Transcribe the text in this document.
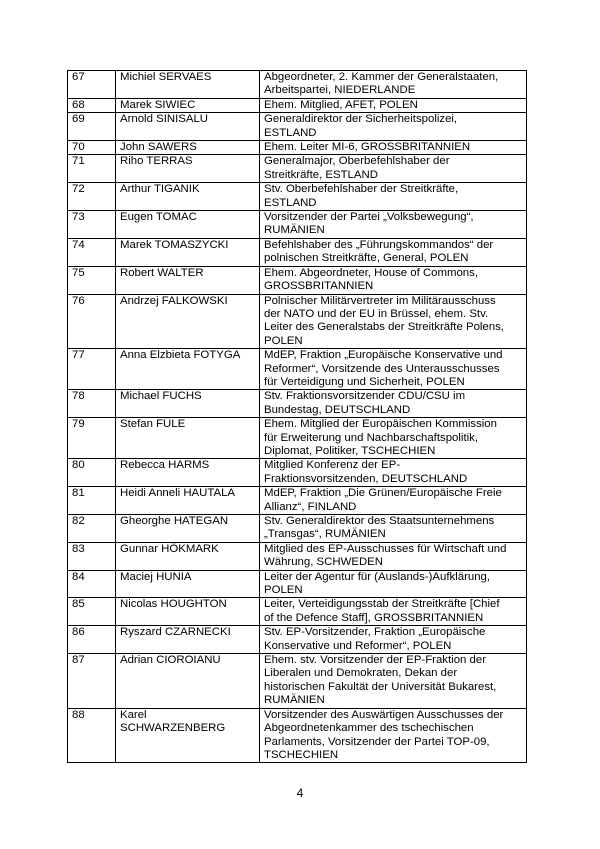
67	Michiel SERVAES	Abgeordneter, 2. Kammer der Generalstaaten,
Arbeitspartei, NIEDERLANDE
68	Marek SIWIEC	Ehem. Mitglied, AFET, POLEN
69	Arnold SINISALU	Generaldirektor der Sicherheitspolizei,
ESTLAND
70	John SAWERS	Ehem. Leiter MI-6, GROSSBRITANNIEN
71	Riho TERRAS	Generalmajor, Oberbefehlshaber der
Streitkräfte, ESTLAND
72	Arthur TIGANIK	Stv. Oberbefehlshaber der Streitkräfte,
ESTLAND
73	Eugen TOMAC	Vorsitzender der Partei „Volksbewegung“,
RUMÄNIEN
74	Marek TOMASZYCKI	Befehlshaber des „Führungskommandos“ der
polnischen Streitkräfte, General, POLEN
75	Robert WALTER	Ehem. Abgeordneter, House of Commons,
GROSSBRITANNIEN
76	Andrzej FALKOWSKI	Polnischer Militärvertreter im Militärausschuss
der NATO und der EU in Brüssel, ehem. Stv.
Leiter des Generalstabs der Streitkräfte Polens,
POLEN
77	Anna Elzbieta FOTYGA	MdEP, Fraktion „Europäische Konservative und
Reformer“, Vorsitzende des Unterausschusses
für Verteidigung und Sicherheit, POLEN
78	Michael FUCHS	Stv. Fraktionsvorsitzender CDU/CSU im
Bundestag, DEUTSCHLAND
79	Stefan FÜLE	Ehem. Mitglied der Europäischen Kommission
für Erweiterung und Nachbarschaftspolitik,
Diplomat, Politiker, TSCHECHIEN
80	Rebecca HARMS	Mitglied Konferenz der EP-
Fraktionsvorsitzenden, DEUTSCHLAND
81	Heidi Anneli HAUTALA	MdEP, Fraktion „Die Grünen/Europäische Freie
Allianz“, FINLAND
82	Gheorghe HATEGAN	Stv. Generaldirektor des Staatsunternehmens
„Transgas“, RUMÄNIEN
83	Gunnar HÖKMARK	Mitglied des EP-Ausschusses für Wirtschaft und
Währung, SCHWEDEN
84	Maciej HUNIA	Leiter der Agentur für (Auslands-)Aufklärung,
POLEN
85	Nicolas HOUGHTON	Leiter, Verteidigungsstab der Streitkräfte [Chief
of the Defence Staff], GROSSBRITANNIEN
86	Ryszard CZARNECKI	Stv. EP-Vorsitzender, Fraktion „Europäische
Konservative und Reformer“, POLEN
87	Adrian CIOROIANU	Ehem. stv. Vorsitzender der EP-Fraktion der
Liberalen und Demokraten, Dekan der
historischen Fakultät der Universität Bukarest,
RUMÄNIEN
88	Karel
SCHWARZENBERG	Vorsitzender des Auswärtigen Ausschusses der
Abgeordnetenkammer des tschechischen
Parlaments, Vorsitzender der Partei TOP-09,
TSCHECHIEN
4
